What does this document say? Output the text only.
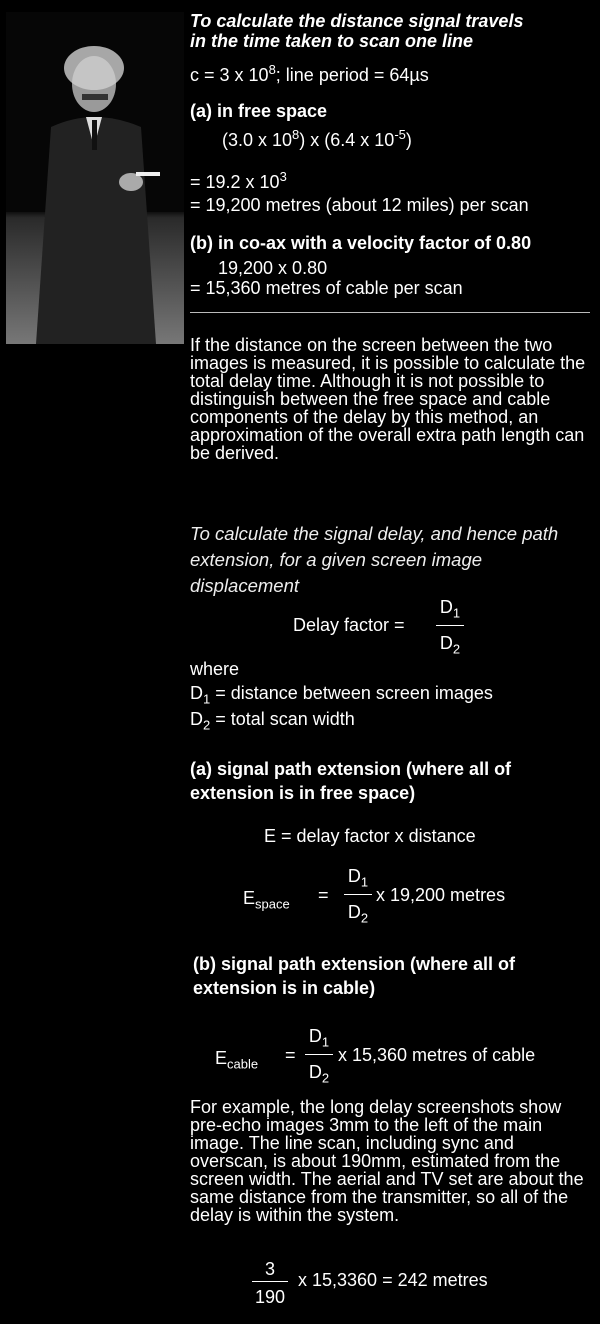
To calculate the distance signal travels
in the time taken to scan one line
c = 3 x $10^8$; line period = 64µs
(a) in free space
(3.0 x $10^8$) x (6.4 x $10^{-5}$)
= 19.2 x $10^3$
= 19,200 metres (about 12 miles) per scan
(b) in co-ax with a velocity factor of 0.80
19,200 x 0.80
= 15,360 metres of cable per scan
If the distance on the screen between the two images is measured, it is possible to calculate the total delay time. Although it is not possible to distinguish between the free space and cable components of the delay by this method, an approximation of the overall extra path length can be derived.
To calculate the signal delay, and hence path extension, for a given screen image displacement
Delay factor =
$D_1$
$D_2$
where
$D_1$ = distance between screen images
$D_2$ = total scan width
(a) signal path extension (where all of
extension is in free space)
E = delay factor x distance
$E_{space}$ =
$D_1$
$D_2$
x 19,200 metres
(b) signal path extension (where all of
extension is in cable)
$E_{cable}$ =
$D_1$
$D_2$
x 15,360 metres of cable
For example, the long delay screenshots show pre-echo images 3mm to the left of the main image. The line scan, including sync and overscan, is about 190mm, estimated from the screen width. The aerial and TV set are about the same distance from the transmitter, so all of the delay is within the system.
3
190
x 15,3360 = 242 metres
